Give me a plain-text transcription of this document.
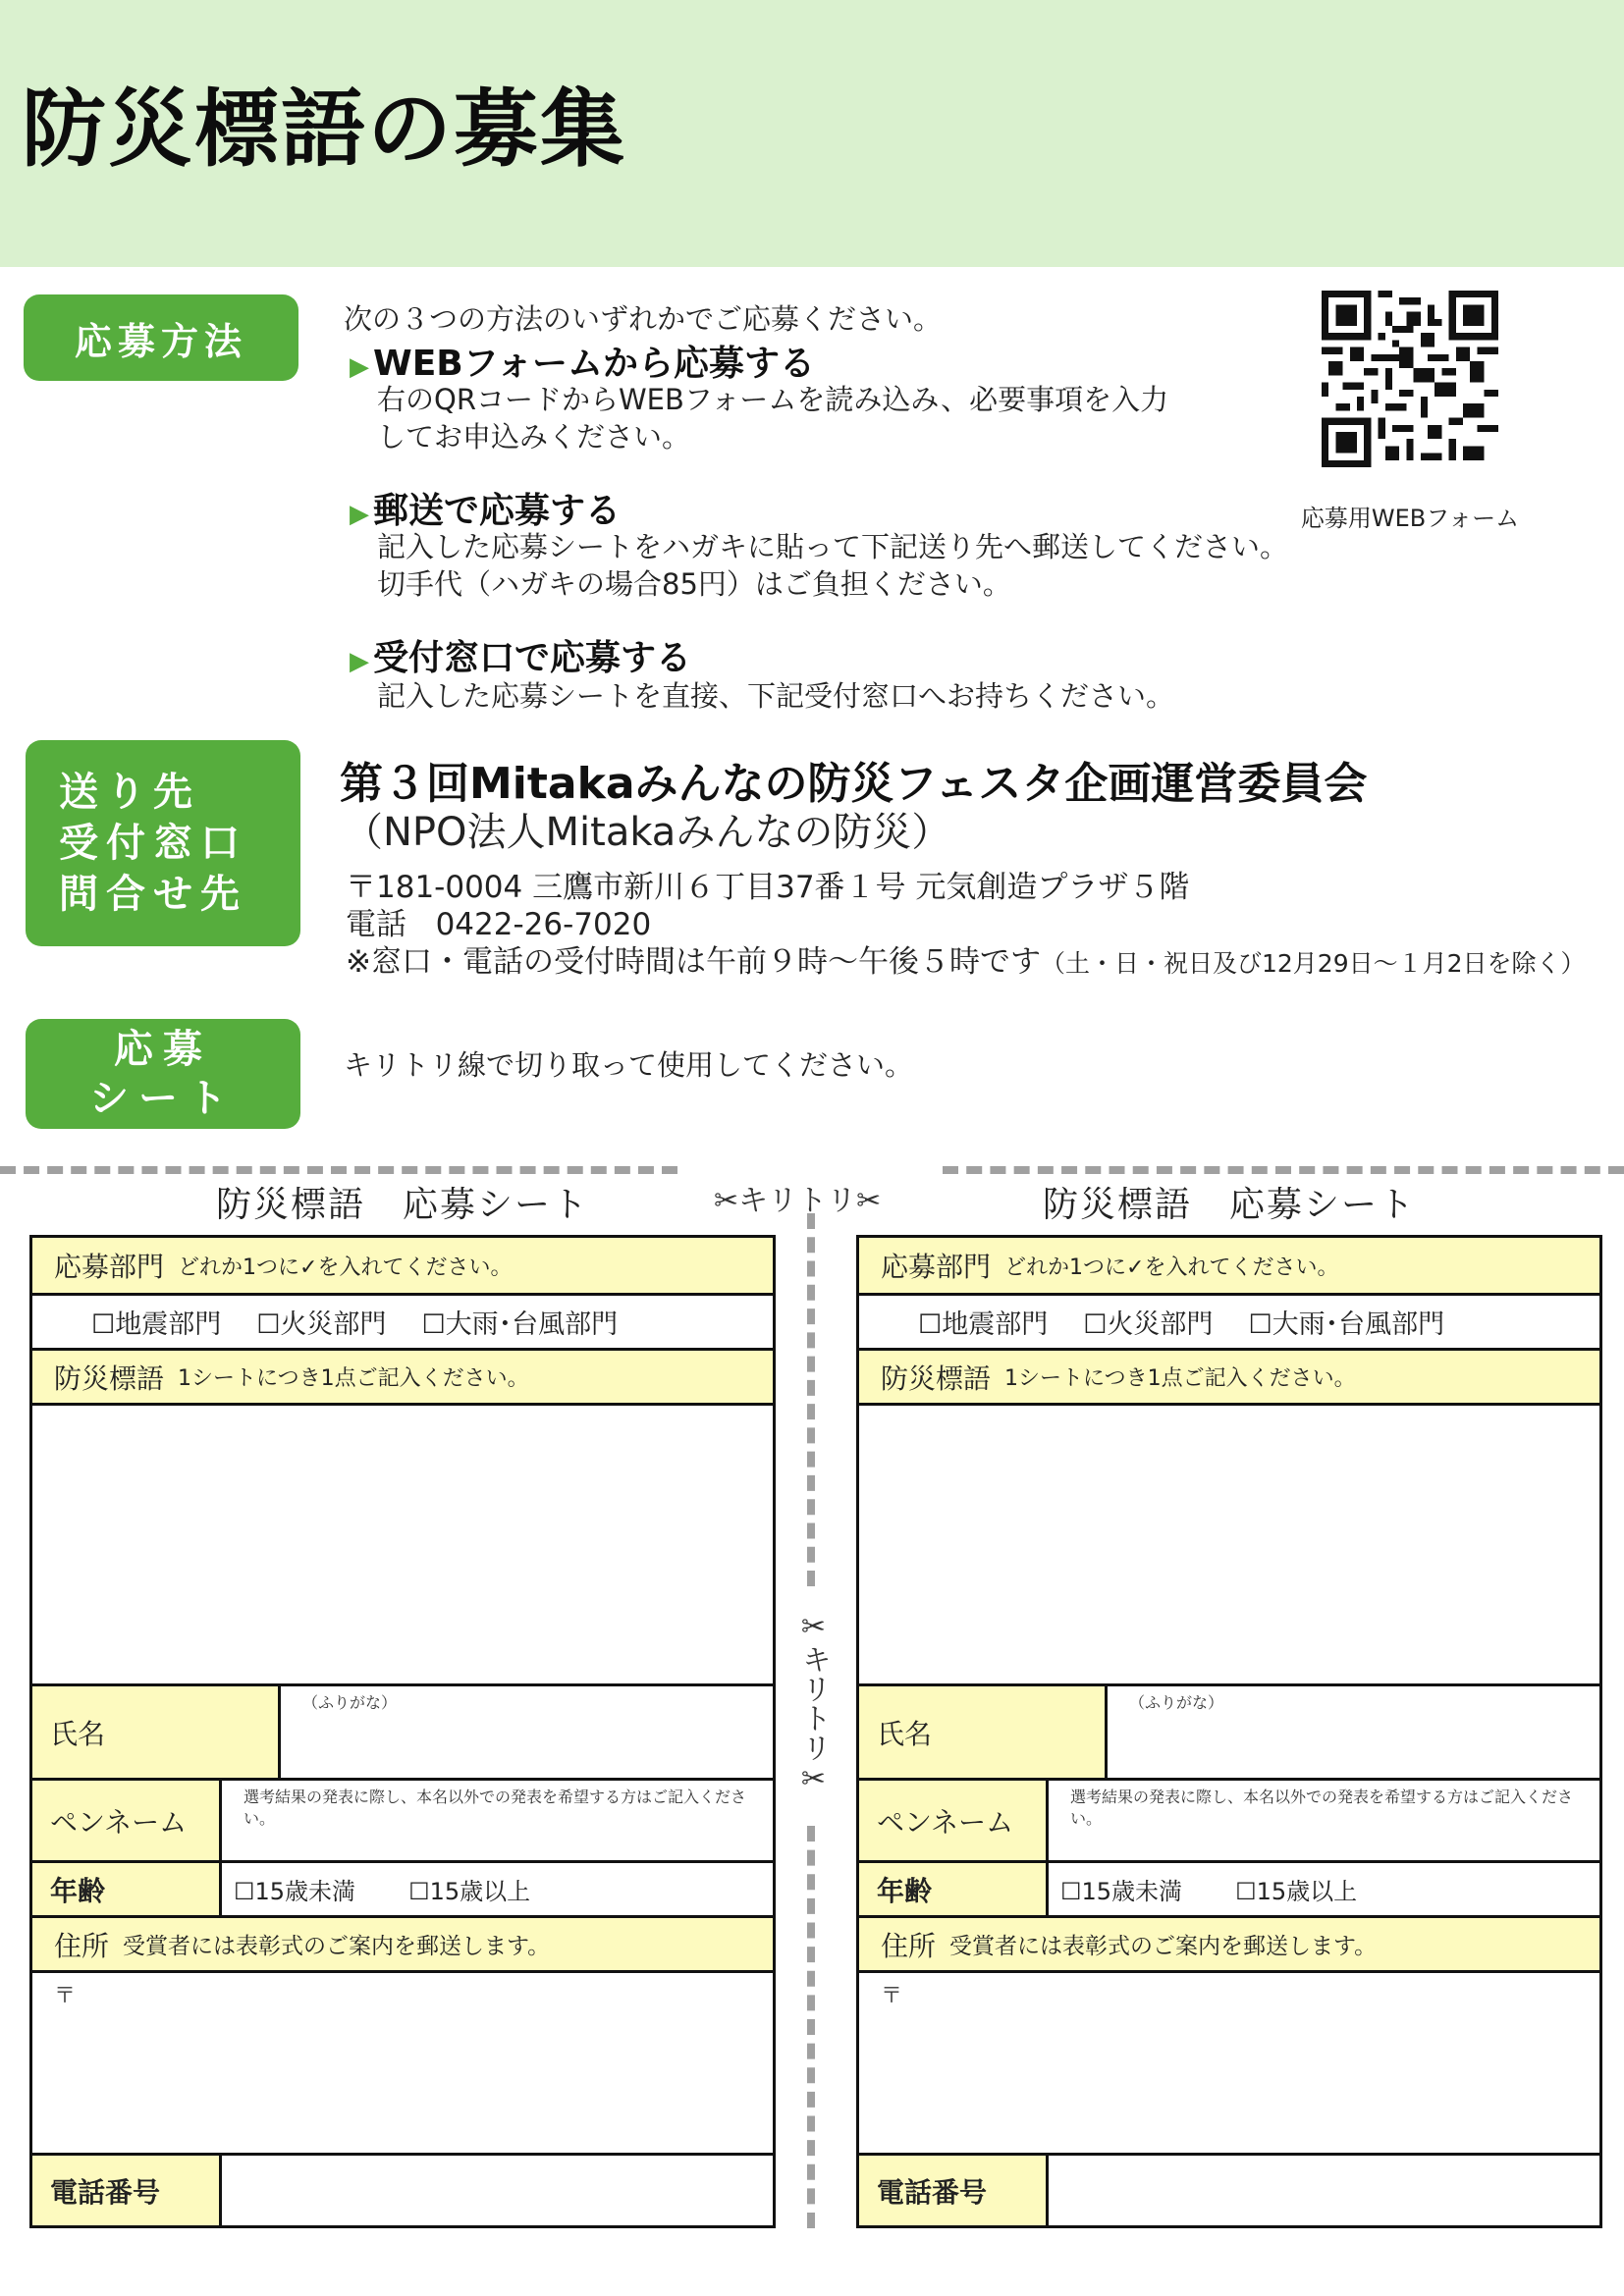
防災標語の募集
応募方法

次の３つの方法のいずれかでご応募ください。

▶ WEBフォームから応募する

右のQRコードからWEBフォームを読み込み、必要事項を入力

してお申込みください。

応募用WEBフォーム

▶ 郵送で応募する

記入した応募シートをハガキに貼って下記送り先へ郵送してください。

切手代（ハガキの場合85円）はご負担ください。

▶ 受付窓口で応募する

記入した応募シートを直接、下記受付窓口へお持ちください。

送り先
受付窓口
問合せ先

第３回Mitakaみんなの防災フェスタ企画運営委員会

（NPO法人Mitakaみんなの防災）

〒181-0004 三鷹市新川６丁目37番１号 元気創造プラザ５階

電話 0422-26-7020

※窓口・電話の受付時間は午前９時～午後５時です（土・日・祝日及び12月29日～１月2日を除く）

応募
シート

キリトリ線で切り取って使用してください。

✂キリトリ✂

✂キリトリ✂
防災標語　応募シート
応募部門 どれか1つに✓を入れてください。
☐地震部門 ☐火災部門 ☐大雨･台風部門
防災標語 1シートにつき1点ご記入ください。
氏名
（ふりがな）
ペンネーム
選考結果の発表に際し、本名以外での発表を希望する方はご記入ください。
年齢	☐15歳未満 ☐15歳以上
住所 受賞者には表彰式のご案内を郵送します。
〒
電話番号
防災標語　応募シート
応募部門 どれか1つに✓を入れてください。
☐地震部門 ☐火災部門 ☐大雨･台風部門
防災標語 1シートにつき1点ご記入ください。
氏名
（ふりがな）
ペンネーム
選考結果の発表に際し、本名以外での発表を希望する方はご記入ください。
年齢	☐15歳未満 ☐15歳以上
住所 受賞者には表彰式のご案内を郵送します。
〒
電話番号
